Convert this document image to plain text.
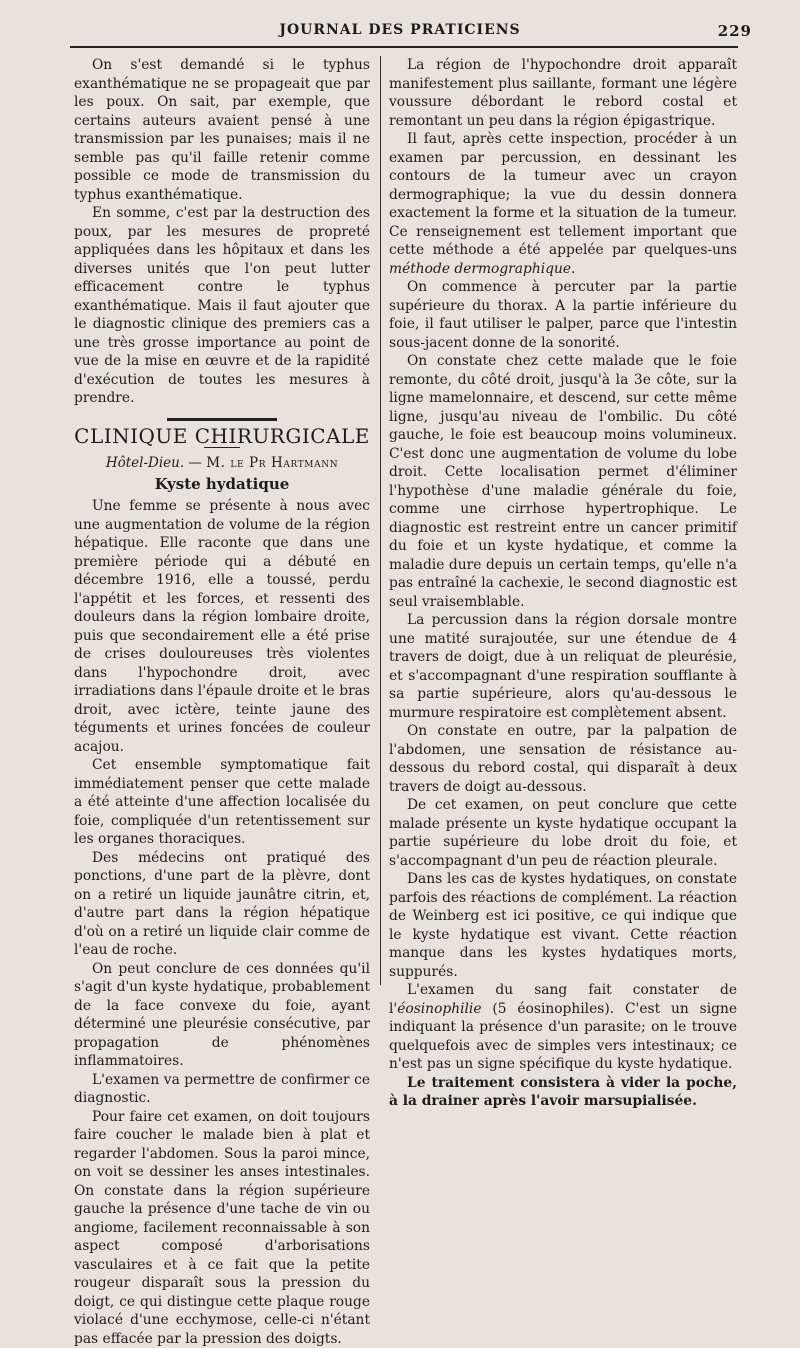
JOURNAL DES PRATICIENS	229

On s'est demandé si le typhus exanthématique ne se propageait que par les poux. On sait, par exemple, que certains auteurs avaient pensé à une transmission par les punaises; mais il ne semble pas qu'il faille retenir comme possible ce mode de transmission du typhus exanthématique.

En somme, c'est par la destruction des poux, par les mesures de propreté appliquées dans les hôpitaux et dans les diverses unités que l'on peut lutter efficacement contre le typhus exanthématique. Mais il faut ajouter que le diagnostic clinique des premiers cas a une très grosse importance au point de vue de la mise en œuvre et de la rapidité d'exécution de toutes les mesures à prendre.

CLINIQUE CHIRURGICALE
Hôtel-Dieu. — M. le Pr Hartmann
Kyste hydatique

Une femme se présente à nous avec une augmentation de volume de la région hépatique. Elle raconte que dans une première période qui a débuté en décembre 1916, elle a toussé, perdu l'appétit et les forces, et ressenti des douleurs dans la région lombaire droite, puis que secondairement elle a été prise de crises douloureuses très violentes dans l'hypochondre droit, avec irradiations dans l'épaule droite et le bras droit, avec ictère, teinte jaune des téguments et urines foncées de couleur acajou.

Cet ensemble symptomatique fait immédiatement penser que cette malade a été atteinte d'une affection localisée du foie, compliquée d'un retentissement sur les organes thoraciques.

Des médecins ont pratiqué des ponctions, d'une part de la plèvre, dont on a retiré un liquide jaunâtre citrin, et, d'autre part dans la région hépatique d'où on a retiré un liquide clair comme de l'eau de roche.

On peut conclure de ces données qu'il s'agit d'un kyste hydatique, probablement de la face convexe du foie, ayant déterminé une pleurésie consécutive, par propagation de phénomènes inflammatoires.

L'examen va permettre de confirmer ce diagnostic.

Pour faire cet examen, on doit toujours faire coucher le malade bien à plat et regarder l'abdomen. Sous la paroi mince, on voit se dessiner les anses intestinales. On constate dans la région supérieure gauche la présence d'une tache de vin ou angiome, facilement reconnaissable à son aspect composé d'arborisations vasculaires et à ce fait que la petite rougeur disparaît sous la pression du doigt, ce qui distingue cette plaque rouge violacé d'une ecchymose, celle-ci n'étant pas effacée par la pression des doigts.

La région de l'hypochondre droit apparaît manifestement plus saillante, formant une légère voussure débordant le rebord costal et remontant un peu dans la région épigastrique.

Il faut, après cette inspection, procéder à un examen par percussion, en dessinant les contours de la tumeur avec un crayon dermographique; la vue du dessin donnera exactement la forme et la situation de la tumeur. Ce renseignement est tellement important que cette méthode a été appelée par quelques-uns méthode dermographique.

On commence à percuter par la partie supérieure du thorax. A la partie inférieure du foie, il faut utiliser le palper, parce que l'intestin sous-jacent donne de la sonorité.

On constate chez cette malade que le foie remonte, du côté droit, jusqu'à la 3e côte, sur la ligne mamelonnaire, et descend, sur cette même ligne, jusqu'au niveau de l'ombilic. Du côté gauche, le foie est beaucoup moins volumineux. C'est donc une augmentation de volume du lobe droit. Cette localisation permet d'éliminer l'hypothèse d'une maladie générale du foie, comme une cirrhose hypertrophique. Le diagnostic est restreint entre un cancer primitif du foie et un kyste hydatique, et comme la maladie dure depuis un certain temps, qu'elle n'a pas entraîné la cachexie, le second diagnostic est seul vraisemblable.

La percussion dans la région dorsale montre une matité surajoutée, sur une étendue de 4 travers de doigt, due à un reliquat de pleurésie, et s'accompagnant d'une respiration soufflante à sa partie supérieure, alors qu'au-dessous le murmure respiratoire est complètement absent.

On constate en outre, par la palpation de l'abdomen, une sensation de résistance au-dessous du rebord costal, qui disparaît à deux travers de doigt au-dessous.

De cet examen, on peut conclure que cette malade présente un kyste hydatique occupant la partie supérieure du lobe droit du foie, et s'accompagnant d'un peu de réaction pleurale.

Dans les cas de kystes hydatiques, on constate parfois des réactions de complément. La réaction de Weinberg est ici positive, ce qui indique que le kyste hydatique est vivant. Cette réaction manque dans les kystes hydatiques morts, suppurés.

L'examen du sang fait constater de l'éosinophilie (5 éosinophiles). C'est un signe indiquant la présence d'un parasite; on le trouve quelquefois avec de simples vers intestinaux; ce n'est pas un signe spécifique du kyste hydatique.

Le traitement consistera à vider la poche, à la drainer après l'avoir marsupialisée.
